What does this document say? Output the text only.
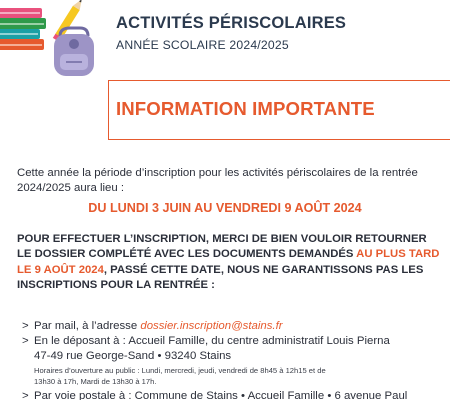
ACTIVITÉS PÉRISCOLAIRES
ANNÉE SCOLAIRE 2024/2025
INFORMATION IMPORTANTE

Cette année la période d’inscription pour les activités périscolaires de la rentrée 2024/2025 aura lieu :

DU LUNDI 3 JUIN AU VENDREDI 9 AOÛT 2024

POUR EFFECTUER L’INSCRIPTION, MERCI DE BIEN VOULOIR RETOURNER LE DOSSIER COMPLÉTÉ AVEC LES DOCUMENTS DEMANDÉS AU PLUS TARD LE 9 AOÛT 2024, PASSÉ CETTE DATE, NOUS NE GARANTISSONS PAS LES INSCRIPTIONS POUR LA RENTRÉE :

> Par mail, à l’adresse dossier.inscription@stains.fr
> En le déposant à : Accueil Famille, du centre administratif Louis Pierna
47-49 rue George-Sand • 93240 Stains
Horaires d’ouverture au public : Lundi, mercredi, jeudi, vendredi de 8h45 à 12h15 et de
13h30 à 17h, Mardi de 13h30 à 17h.
> Par voie postale à : Commune de Stains • Accueil Famille • 6 avenue Paul
